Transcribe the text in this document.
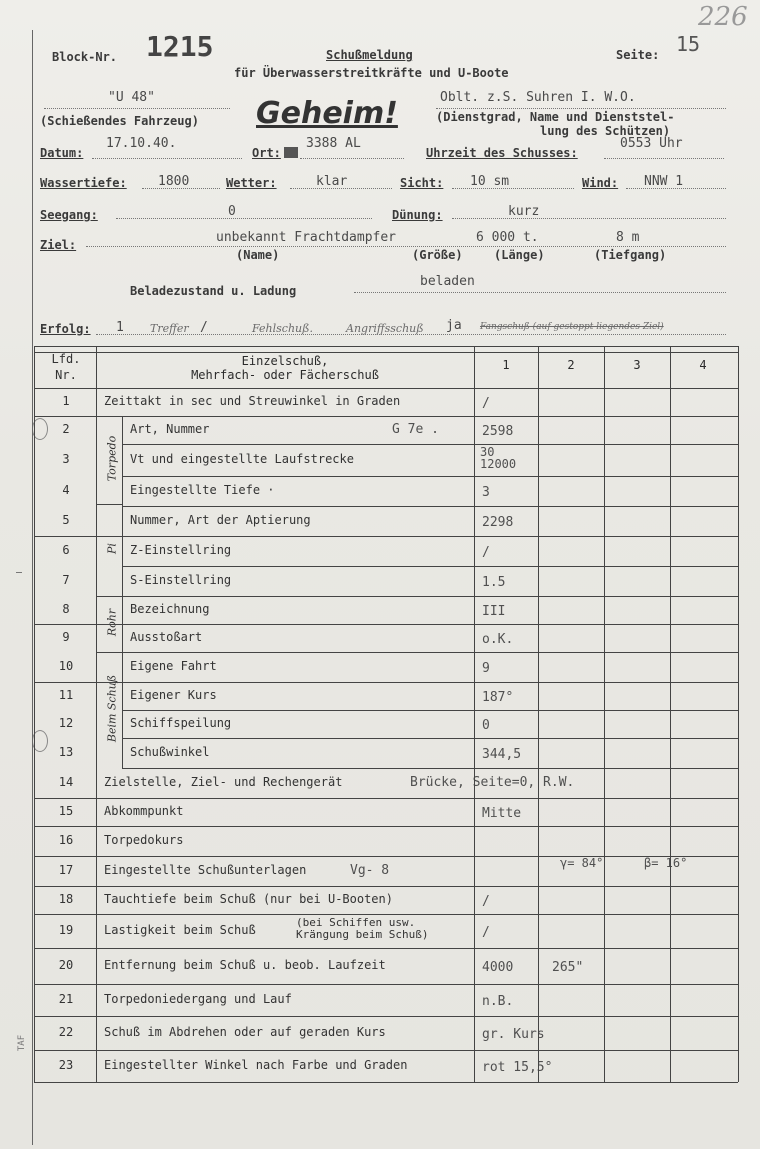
Block-Nr. 1215	Schußmeldung
für Überwasserstreitkräfte und U-Boote
Seite: 15
226
Geheim!
"U 48"
(Schießendes Fahrzeug)
Oblt. z.S. Suhren I. W.O.
(Dienstgrad, Name und Dienststel-
lung des Schützen)
Datum:
17.10.40.
Ort:
3388 AL
Uhrzeit des Schusses:
0553 Uhr
Wassertiefe: 1800	Wetter:	klar	Sicht: 10 sm	Wind: NNW 1
Seegang:	0	Dünung:	kurz
Ziel:	unbekannt Frachtdampfer	6 000 t.	8 m
(Name)	(Größe)	(Länge)	(Tiefgang)
Beladezustand u. Ladung
beladen
Erfolg: 1 Treffer /	Fehlschuß.	Angriffsschuß ja Fangschuß (auf gestoppt liegendes Ziel)
Lfd.
Nr.
Einzelschuß,
Mehrfach- oder Fächerschuß
1	2	3	4
Torpedo
Pi
Rohr
Beim Schuß
1	Zeittakt in sec und Streuwinkel in Graden	/
2	Art, Nummer	G 7e .	2598
3	Vt und eingestellte Laufstrecke	30
12000
4	Eingestellte Tiefe ·	3
5	Nummer, Art der Aptierung	2298
6	Z-Einstellring	/
7	S-Einstellring	1.5
8	Bezeichnung	III
9	Ausstoßart	o.K.
10	Eigene Fahrt	9
11	Eigener Kurs	187°
12	Schiffspeilung	0
13	Schußwinkel	344,5
14	Zielstelle, Ziel- und Rechengerät	Brücke, Seite=0, R.W.
15	Abkommpunkt	Mitte
16	Torpedokurs
17	Eingestellte Schußunterlagen	Vg- 8	γ= 84°	β= 16°
18	Tauchtiefe beim Schuß (nur bei U-Booten)	/
19	Lastigkeit beim Schuß
(bei Schiffen usw.
Krängung beim Schuß)	/
20	Entfernung beim Schuß u. beob. Laufzeit	4000	265"
21	Torpedoniedergang und Lauf	n.B.
22	Schuß im Abdrehen oder auf geraden Kurs	gr. Kurs
23	Eingestellter Winkel nach Farbe und Graden	rot 15,5°
TAF
